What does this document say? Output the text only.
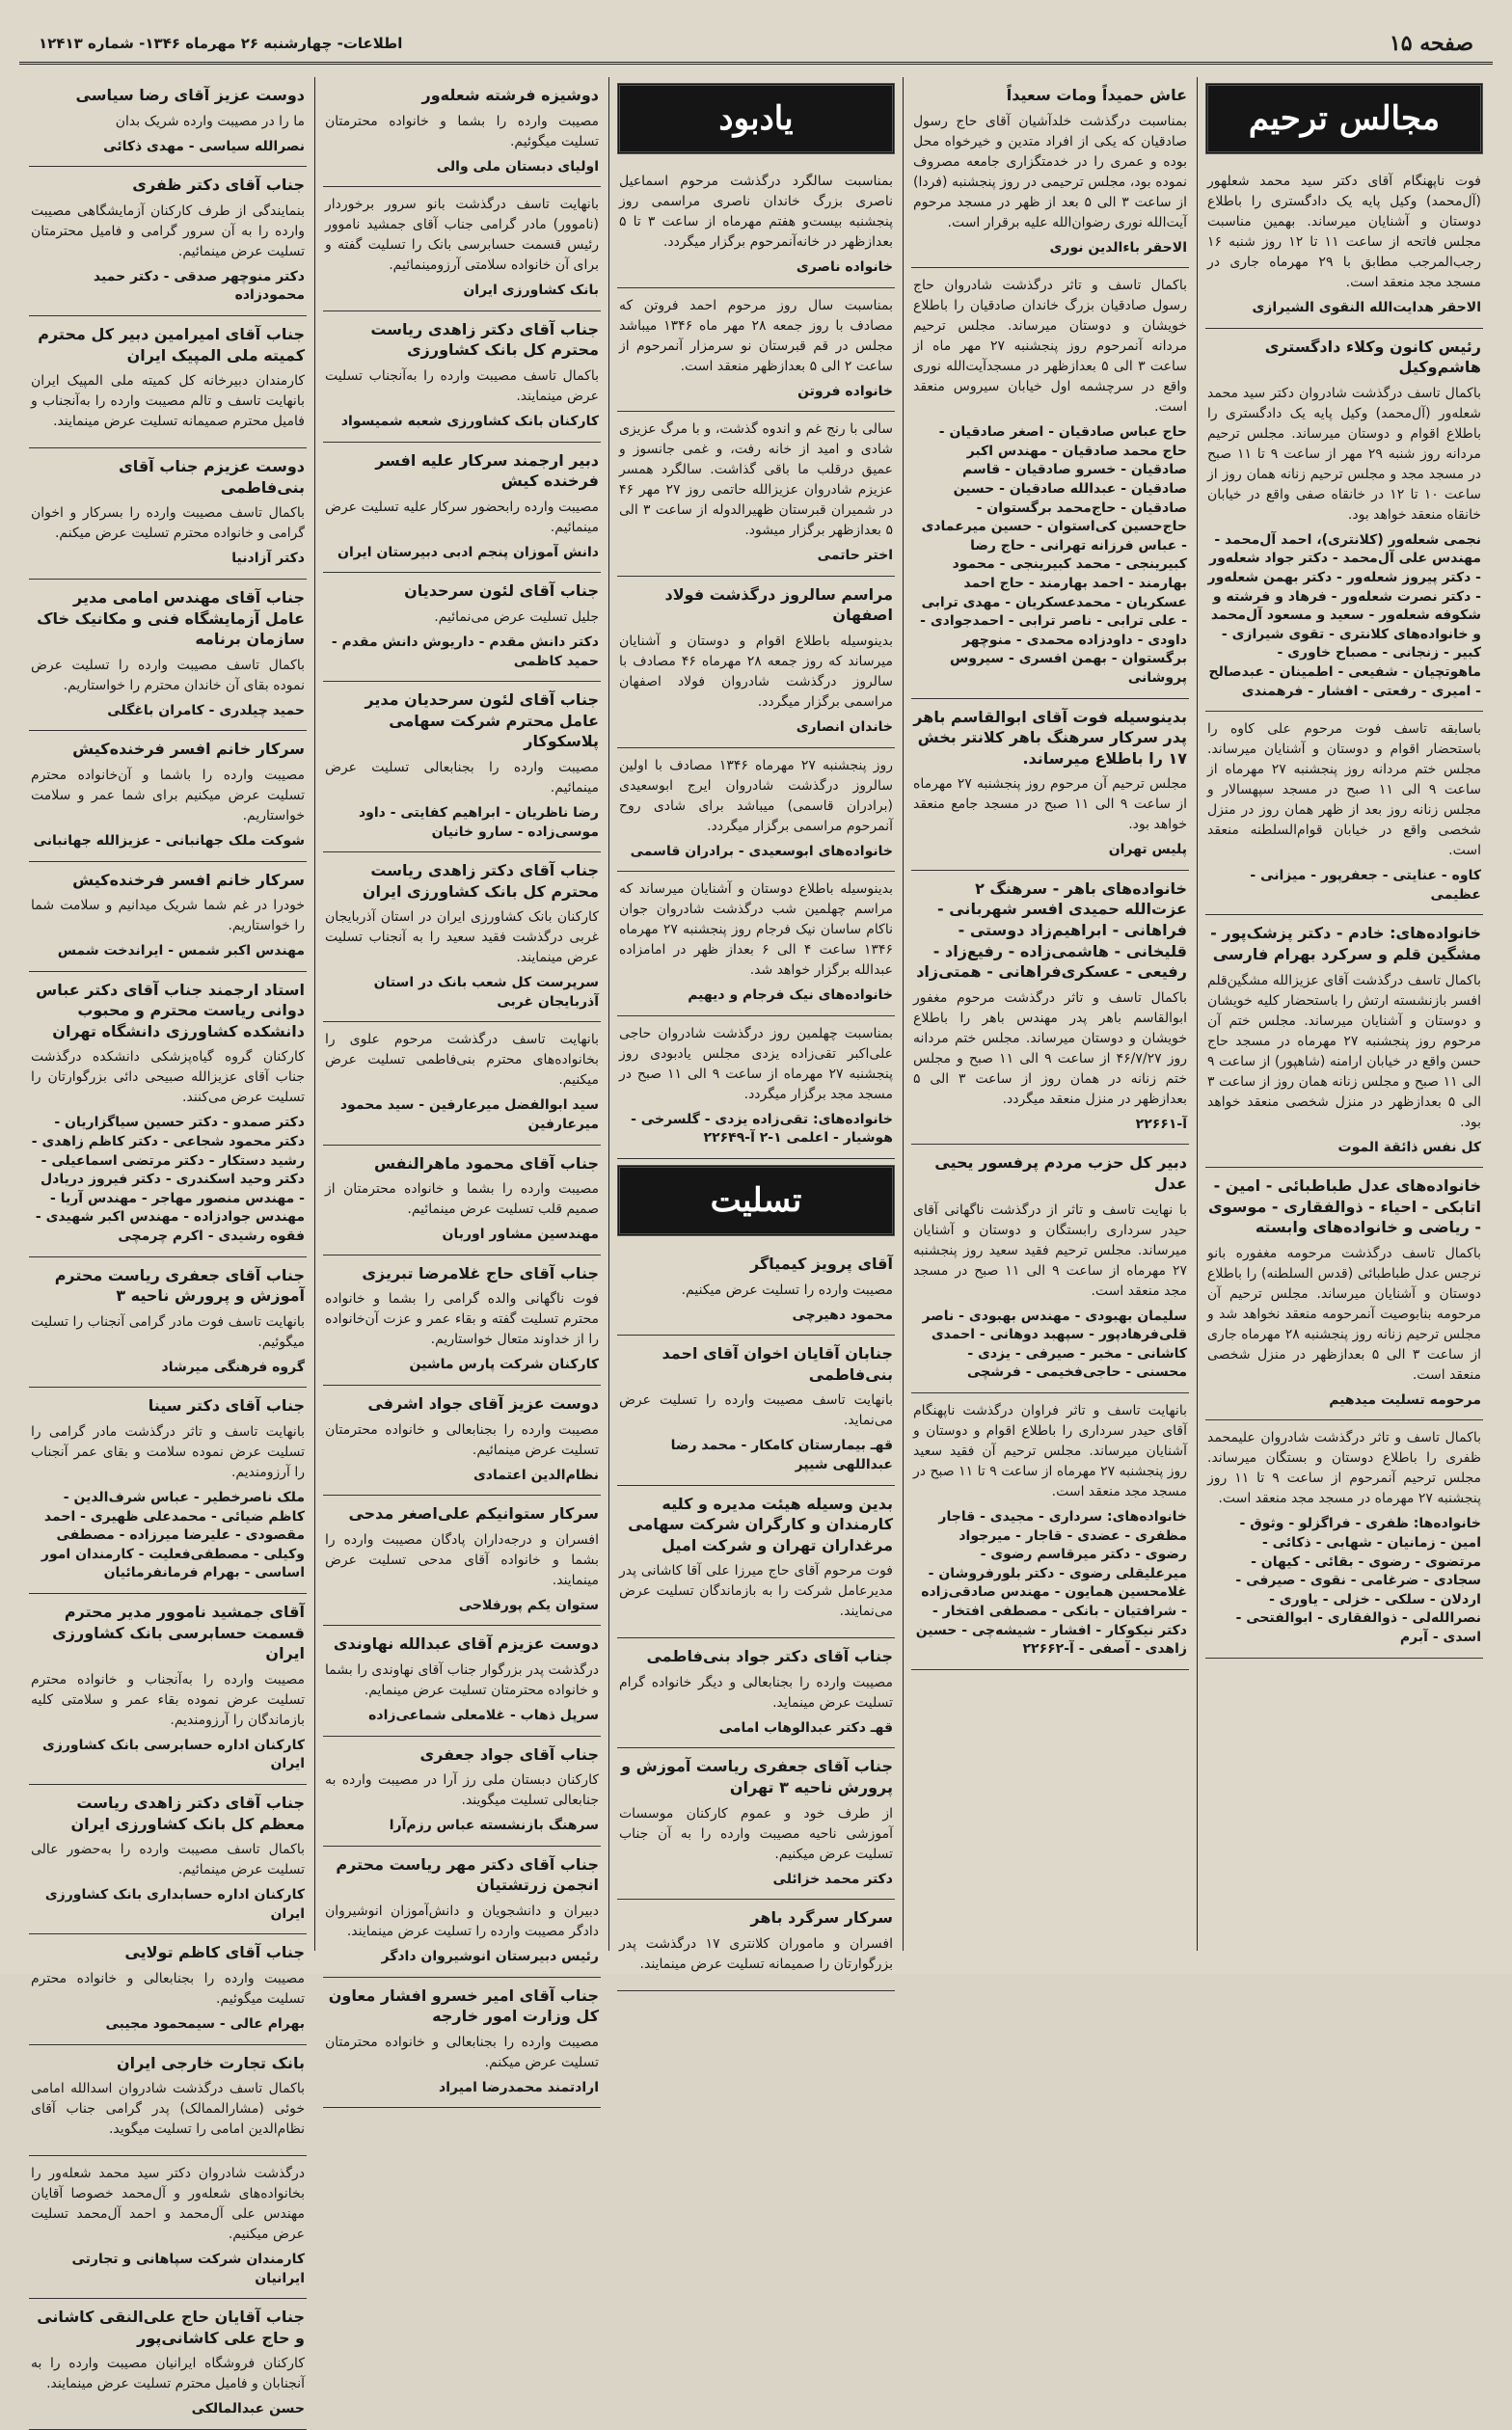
صفحه ۱۵
اطلاعات- چهارشنبه ۲۶ مهرماه ۱۳۴۶- شماره ۱۲۴۱۳
مجالس ترحیم

فوت ناپهنگام آقای دکتر سید محمد شعلهور (آل‌محمد) وکیل پایه یک دادگستری را باطلاع دوستان و آشنایان میرساند. بهمین مناسبت مجلس فاتحه از ساعت ۱۱ تا ۱۲ روز شنبه ۱۶ رجب‌المرجب مطابق با ۲۹ مهرماه جاری در مسجد مجد منعقد است.

الاحقر هدایت‌الله النقوی الشیرازی
رئیس کانون وکلاء دادگستری هاشم‌وکیل

باکمال تاسف درگذشت شادروان دکتر سید محمد شعله‌ور (آل‌محمد) وکیل پایه یک دادگستری را باطلاع اقوام و دوستان میرساند. مجلس ترحیم مردانه روز شنبه ۲۹ مهر از ساعت ۹ تا ۱۱ صبح در مسجد مجد و مجلس ترحیم زنانه همان روز از ساعت ۱۰ تا ۱۲ در خانقاه صفی واقع در خیابان خانقاه منعقد خواهد بود.

نجمی شعله‌ور (کلانتری)، احمد آل‌محمد - مهندس علی آل‌محمد - دکتر جواد شعله‌ور - دکتر پیروز شعله‌ور - دکتر بهمن شعله‌ور - دکتر نصرت شعله‌ور - فرهاد و فرشته و شکوفه شعله‌ور - سعید و مسعود آل‌محمد و خانواده‌های کلانتری - تقوی شیرازی - کبیر - زنجانی - مصباح خاوری - ماهوتچیان - شفیعی - اطمینان - عبدصالح - امیری - رفعتی - افشار - فرهمندی

باسابقه تاسف فوت مرحوم علی کاوه را باستحضار اقوام و دوستان و آشنایان میرساند. مجلس ختم مردانه روز پنجشنبه ۲۷ مهرماه از ساعت ۹ الی ۱۱ صبح در مسجد سپهسالار و مجلس زنانه روز بعد از ظهر همان روز در منزل شخصی واقع در خیابان قوام‌السلطنه منعقد است.

کاوه - عنایتی - جعفرپور - میزانی - عظیمی
خانواده‌های: خادم - دکتر پزشک‌پور - مشگین قلم و سرکرد بهرام فارسی

باکمال تاسف درگذشت آقای عزیزالله مشگین‌قلم افسر بازنشسته ارتش را باستحضار کلیه خویشان و دوستان و آشنایان میرساند. مجلس ختم آن مرحوم روز پنجشنبه ۲۷ مهرماه در مسجد حاج حسن واقع در خیابان ارامنه (شاهپور) از ساعت ۹ الی ۱۱ صبح و مجلس زنانه همان روز از ساعت ۳ الی ۵ بعدازظهر در منزل شخصی منعقد خواهد بود.

کل نفس ذائقة الموت
خانواده‌های عدل طباطبائی - امین - اتابکی - احیاء - ذوالفقاری - موسوی - ریاضی و خانواده‌های وابسته

باکمال تاسف درگذشت مرحومه مغفوره بانو نرجس عدل طباطبائی (قدس السلطنه) را باطلاع دوستان و آشنایان میرساند. مجلس ترحیم آن مرحومه بنابوصیت آنمرحومه منعقد نخواهد شد و مجلس ترحیم زنانه روز پنجشنبه ۲۸ مهرماه جاری از ساعت ۳ الی ۵ بعدازظهر در منزل شخصی منعقد است.

مرحومه تسلیت میدهیم

باکمال تاسف و تاثر درگذشت شادروان علیمحمد ظفری را باطلاع دوستان و بستگان میرساند. مجلس ترحیم آنمرحوم از ساعت ۹ تا ۱۱ روز پنجشنبه ۲۷ مهرماه در مسجد مجد منعقد است.

خانواده‌ها: ظفری - فراگزلو - وثوق - امین - زمانیان - شهابی - ذکائی - مرتضوی - رضوی - بقائی - کیهان - سجادی - ضرغامی - نقوی - صیرفی - اردلان - سلکی - خزلی - یاوری - نصرالله‌لی - ذوالفقاری - ابوالفتحی - اسدی - آبرم
عاش حمیداً ومات سعیداً

بمناسبت درگذشت خلدآشیان آقای حاج رسول صادقیان که یکی از افراد متدین و خیرخواه محل بوده و عمری را در خدمتگزاری جامعه مصروف نموده بود، مجلس ترحیمی در روز پنجشنبه (فردا) از ساعت ۳ الی ۵ بعد از ظهر در مسجد مرحوم آیت‌الله نوری رضوان‌الله علیه برقرار است.

الاحقر باءالدین نوری

باکمال تاسف و تاثر درگذشت شادروان حاج رسول صادقیان بزرگ خاندان صادقیان را باطلاع خویشان و دوستان میرساند. مجلس ترحیم مردانه آنمرحوم روز پنجشنبه ۲۷ مهر ماه از ساعت ۳ الی ۵ بعدازظهر در مسجدآیت‌الله نوری واقع در سرچشمه اول خیابان سیروس منعقد است.

حاج عباس صادقیان - اصغر صادقیان - حاج محمد صادقیان - مهندس اکبر صادقیان - خسرو صادقیان - قاسم صادقیان - عبدالله صادقیان - حسین صادقیان - حاج‌محمد برگستوان - حاج‌حسین کی‌استوان - حسین میرعمادی - عباس فرزانه تهرانی - حاج رضا کبیرینجی - محمد کبیرینجی - محمود بهارمند - احمد بهارمند - حاج احمد عسکریان - محمدعسکریان - مهدی ترابی - علی ترابی - ناصر ترابی - احمدجوادی - داودی - داودزاده محمدی - منوچهر برگستوان - بهمن افسری - سیروس پروشانی
بدینوسیله فوت آقای ابوالقاسم باهر پدر سرکار سرهنگ باهر کلانتر بخش ۱۷ را باطلاع میرساند.

مجلس ترحیم آن مرحوم روز پنجشنبه ۲۷ مهرماه از ساعت ۹ الی ۱۱ صبح در مسجد جامع منعقد خواهد بود.

پلیس تهران
خانواده‌های باهر - سرهنگ ۲ عزت‌الله حمیدی افسر شهربانی - فراهانی - ابراهیم‌زاد دوستی - قلیخانی - هاشمی‌زاده - رفیع‌زاد - رفیعی - عسکری‌فراهانی - همتی‌زاد

باکمال تاسف و تاثر درگذشت مرحوم مغفور ابوالقاسم باهر پدر مهندس باهر را باطلاع خویشان و دوستان میرساند. مجلس ختم مردانه روز ۴۶/۷/۲۷ از ساعت ۹ الی ۱۱ صبح و مجلس ختم زنانه در همان روز از ساعت ۳ الی ۵ بعدازظهر در منزل منعقد میگردد.

آ-۲۲۶۶۱
دبیر کل حزب مردم پرفسور یحیی عدل

با نهایت تاسف و تاثر از درگذشت ناگهانی آقای حیدر سرداری رابستگان و دوستان و آشنایان میرساند. مجلس ترحیم فقید سعید روز پنجشنبه ۲۷ مهرماه از ساعت ۹ الی ۱۱ صبح در مسجد مجد منعقد است.

سلیمان بهبودی - مهندس بهبودی - ناصر قلی‌فرهادپور - سپهبد دوهانی - احمدی کاشانی - مخبر - صیرفی - یزدی - محسنی - حاجی‌فخیمی - فرشچی

بانهایت تاسف و تاثر فراوان درگذشت ناپهنگام آقای حیدر سرداری را باطلاع اقوام و دوستان و آشنایان میرساند. مجلس ترحیم آن فقید سعید روز پنجشنبه ۲۷ مهرماه از ساعت ۹ تا ۱۱ صبح در مسجد مجد منعقد است.

خانواده‌های: سرداری - مجیدی - قاجار مظفری - عضدی - قاجار - میرجواد رضوی - دکتر میرقاسم رضوی - میرعلیقلی رضوی - دکتر بلورفروشان - غلامحسین همایون - مهندس صادقی‌زاده - شرافتیان - بانکی - مصطفی افتخار - دکتر نیکوکار - افشار - شیشه‌چی - حسین زاهدی - آصفی - آ-۲۲۶۶۲
یادبود

بمناسبت سالگرد درگذشت مرحوم اسماعیل ناصری بزرگ خاندان ناصری مراسمی روز پنجشنبه بیست‌و هفتم مهرماه از ساعت ۳ تا ۵ بعدازظهر در خانه‌آنمرحوم برگزار میگردد.

خانواده ناصری

بمناسبت سال روز مرحوم احمد فروتن که مصادف با روز جمعه ۲۸ مهر ماه ۱۳۴۶ میباشد مجلس در قم قبرستان نو سرمزار آنمرحوم از ساعت ۲ الی ۵ بعدازظهر منعقد است.

خانواده فروتن

سالی با رنج غم و اندوه گذشت، و با مرگ عزیزی شادی و امید از خانه رفت، و غمی جانسوز و عمیق درقلب ما باقی گذاشت. سالگرد همسر عزیزم شادروان عزیزالله حاتمی روز ۲۷ مهر ۴۶ در شمیران قبرستان ظهیرالدوله از ساعت ۳ الی ۵ بعدازظهر برگزار میشود.

اختر حاتمی
مراسم سالروز درگذشت فولاد اصفهان

بدینوسیله باطلاع اقوام و دوستان و آشنایان میرساند که روز جمعه ۲۸ مهرماه ۴۶ مصادف با سالروز درگذشت شادروان فولاد اصفهان مراسمی برگزار میگردد.

خاندان انصاری

روز پنجشنبه ۲۷ مهرماه ۱۳۴۶ مصادف با اولین سالروز درگذشت شادروان ایرج ابوسعیدی (برادران قاسمی) میباشد برای شادی روح آنمرحوم مراسمی برگزار میگردد.

خانواده‌های ابوسعیدی - برادران قاسمی

بدینوسیله باطلاع دوستان و آشنایان میرساند که مراسم چهلمین شب درگذشت شادروان جوان ناکام ساسان نیک فرجام روز پنجشنبه ۲۷ مهرماه ۱۳۴۶ ساعت ۴ الی ۶ بعداز ظهر در امامزاده عبدالله برگزار خواهد شد.

خانواده‌های نیک فرجام و دیهیم

بمناسبت چهلمین روز درگذشت شادروان حاجی علی‌اکبر تقی‌زاده یزدی مجلس یادبودی روز پنجشنبه ۲۷ مهرماه از ساعت ۹ الی ۱۱ صبح در مسجد مجد برگزار میگردد.

خانواده‌های: تقی‌زاده یزدی - گلسرخی - هوشیار - اعلمی ۱-۲ آ-۲۲۶۴۹
تسلیت
آقای پرویز کیمیاگر

مصیبت وارده را تسلیت عرض میکنیم.

محمود دهیرچی
جنابان آقایان اخوان آقای احمد بنی‌فاطمی

بانهایت تاسف مصیبت وارده را تسلیت عرض می‌نماید.

قهـ بیمارستان کامکار - محمد رضا عبداللهی شیپر
بدین وسیله هیئت مدیره و کلیه کارمندان و کارگران شرکت سهامی مرغداران تهران و شرکت امیل

فوت مرحوم آقای حاج میرزا علی آقا کاشانی پدر مدیرعامل شرکت را به بازماندگان تسلیت عرض می‌نمایند.

جناب آقای دکتر جواد بنی‌فاطمی

مصیبت وارده را بجنابعالی و دیگر خانواده گرام تسلیت عرض مینماید.

قهـ دکتر عبدالوهاب امامی
جناب آقای جعفری ریاست آموزش و پرورش ناحیه ۳ تهران

از طرف خود و عموم کارکنان موسسات آموزشی ناحیه مصیبت وارده را به آن جناب تسلیت عرض میکنیم.

دکتر محمد خزائلی
سرکار سرگرد باهر

افسران و ماموران کلانتری ۱۷ درگذشت پدر بزرگوارتان را صمیمانه تسلیت عرض مینمایند.

دوشیزه فرشته شعله‌ور

مصیبت وارده را بشما و خانواده محترمتان تسلیت میگوئیم.

اولیای دبستان ملی والی

بانهایت تاسف درگذشت بانو سرور برخوردار (ناموور) مادر گرامی جناب آقای جمشید ناموور رئیس قسمت حسابرسی بانک را تسلیت گفته و برای آن خانواده سلامتی آرزومینمائیم.

بانک کشاورزی ایران
جناب آقای دکتر زاهدی ریاست محترم کل بانک کشاورزی

باکمال تاسف مصیبت وارده را به‌آنجناب تسلیت عرض مینمایند.

کارکنان بانک کشاورزی شعبه شمیسواد
دبیر ارجمند سرکار علیه افسر فرخنده کیش

مصیبت وارده رابحضور سرکار علیه تسلیت عرض مینمائیم.

دانش آموزان پنجم ادبی دبیرستان ایران
جناب آقای لئون سرحدیان

جلیل تسلیت عرض می‌نمائیم.

دکتر دانش مقدم - داریوش دانش مقدم - حمید کاظمی
جناب آقای لئون سرحدیان مدیر عامل محترم شرکت سهامی پلاسکوکار

مصیبت وارده را بجنابعالی تسلیت عرض مینمائیم.

رضا ناظریان - ابراهیم کفایتی - داود موسی‌زاده - سارو خانیان
جناب آقای دکتر زاهدی ریاست محترم کل بانک کشاورزی ایران

کارکنان بانک کشاورزی ایران در استان آذربایجان غربی درگذشت فقید سعید را به آنجناب تسلیت عرض مینمایند.

سرپرست کل شعب بانک در استان آذربایجان غربی

بانهایت تاسف درگذشت مرحوم علوی را بخانواده‌های محترم بنی‌فاطمی تسلیت عرض میکنیم.

سید ابوالفضل میرعارفین - سید محمود میرعارفین
جناب آقای محمود ماهرالنفس

مصیبت وارده را بشما و خانواده محترمتان از صمیم قلب تسلیت عرض مینمائیم.

مهندسین مشاور اوربان
جناب آقای حاج غلامرضا تبریزی

فوت ناگهانی والده گرامی را بشما و خانواده محترم تسلیت گفته و بقاء عمر و عزت آن‌خانواده را از خداوند متعال خواستاریم.

کارکنان شرکت پارس ماشین
دوست عزیز آقای جواد اشرفی

مصیبت وارده را بجنابعالی و خانواده محترمتان تسلیت عرض مینمائیم.

نظام‌الدین اعتمادی
سرکار ستوانیکم علی‌اصغر مدحی

افسران و درجه‌داران پادگان مصیبت وارده را بشما و خانواده آقای مدحی تسلیت عرض مینمایند.

ستوان یکم پورفلاحی
دوست عزیزم آقای عبدالله نهاوندی

درگذشت پدر بزرگوار جناب آقای نهاوندی را بشما و خانواده محترمتان تسلیت عرض مینمایم.

سرپل ذهاب - غلامعلی شماعی‌زاده
جناب آقای جواد جعفری

کارکنان دبستان ملی رز آرا در مصیبت وارده به جنابعالی تسلیت میگویند.

سرهنگ بازنشسته عباس رزم‌آرا
جناب آقای دکتر مهر ریاست محترم انجمن زرتشتیان

دبیران و دانشجویان و دانش‌آموزان انوشیروان دادگر مصیبت وارده را تسلیت عرض مینمایند.

رئیس دبیرستان انوشیروان دادگر
جناب آقای امیر خسرو افشار معاون کل وزارت امور خارجه

مصیبت وارده را بجنابعالی و خانواده محترمتان تسلیت عرض میکنم.

ارادتمند محمدرضا امیراد
دوست عزیز آقای رضا سیاسی

ما را در مصیبت وارده شریک بدان

نصرالله سیاسی - مهدی ذکائی
جناب آقای دکتر ظفری

بنمایندگی از طرف کارکنان آزمایشگاهی مصیبت وارده را به آن سرور گرامی و فامیل محترمتان تسلیت عرض مینمائیم.

دکتر منوچهر صدقی - دکتر حمید محمودزاده
جناب آقای امیرامین دبیر کل محترم کمیته ملی المپیک ایران

کارمندان دبیرخانه کل کمیته ملی المپیک ایران بانهایت تاسف و تالم مصیبت وارده را به‌آنجناب و فامیل محترم صمیمانه تسلیت عرض مینمایند.

دوست عزیزم جناب آقای بنی‌فاطمی

باکمال تاسف مصیبت وارده را بسرکار و اخوان گرامی و خانواده محترم تسلیت عرض میکنم.

دکتر آزادنیا
جناب آقای مهندس امامی مدیر عامل آزمایشگاه فنی و مکانیک خاک سازمان برنامه

باکمال تاسف مصیبت وارده را تسلیت عرض نموده بقای آن خاندان محترم را خواستاریم.

حمید چیلدری - کامران باغگلی
سرکار خانم افسر فرخنده‌کیش

مصیبت وارده را باشما و آن‌خانواده محترم تسلیت عرض میکنیم برای شما عمر و سلامت خواستاریم.

شوکت ملک جهانبانی - عزیزالله جهانبانی
سرکار خانم افسر فرخنده‌کیش

خودرا در غم شما شریک میدانیم و سلامت شما را خواستاریم.

مهندس اکبر شمس - ایراندخت شمس
استاد ارجمند جناب آقای دکتر عباس دوانی ریاست محترم و محبوب دانشکده کشاورزی دانشگاه تهران

کارکنان گروه گیاه‌پزشکی دانشکده درگذشت جناب آقای عزیزالله صبیحی دائی بزرگوارتان را تسلیت عرض می‌کنند.

دکتر صمدو - دکتر حسین سیاگزاریان - دکتر محمود شجاعی - دکتر کاظم زاهدی - رشید دستکار - دکتر مرتضی اسماعیلی - دکتر وحید اسکندری - دکتر فیروز دریادل - مهندس منصور مهاجر - مهندس آریا - مهندس جوادزاده - مهندس اکبر شهیدی - فقوه رشیدی - اکرم چرمچی
جناب آقای جعفری ریاست محترم آموزش و پرورش ناحیه ۳

بانهایت تاسف فوت مادر گرامی آنجناب را تسلیت میگوئیم.

گروه فرهنگی میرشاد
جناب آقای دکتر سینا

بانهایت تاسف و تاثر درگذشت مادر گرامی را تسلیت عرض نموده سلامت و بقای عمر آنجناب را آرزومندیم.

ملک ناصرخطیر - عباس شرف‌الدین - کاظم ضیائی - محمدعلی ظهیری - احمد مقصودی - علیرضا میرزاده - مصطفی وکیلی - مصطفی‌فعلیت - کارمندان امور اساسی - بهرام فرمانفرمائیان
آقای جمشید ناموور مدیر محترم قسمت حسابرسی بانک کشاورزی ایران

مصیبت وارده را به‌آنجناب و خانواده محترم تسلیت عرض نموده بقاء عمر و سلامتی کلیه بازماندگان را آرزومندیم.

کارکنان اداره حسابرسی بانک کشاورزی ایران
جناب آقای دکتر زاهدی ریاست معظم کل بانک کشاورزی ایران

باکمال تاسف مصیبت وارده را به‌حضور عالی تسلیت عرض مینمائیم.

کارکنان اداره حسابداری بانک کشاورزی ایران
جناب آقای کاظم تولایی

مصیبت وارده را بجنابعالی و خانواده محترم تسلیت میگوئیم.

بهرام عالی - سیمحمود مجیبی
بانک تجارت خارجی ایران

باکمال تاسف درگذشت شادروان اسدالله امامی خوئی (مشارالممالک) پدر گرامی جناب آقای نظام‌الدین امامی را تسلیت میگوید.

درگذشت شادروان دکتر سید محمد شعله‌ور را بخانواده‌های شعله‌ور و آل‌محمد خصوصا آقایان مهندس علی آل‌محمد و احمد آل‌محمد تسلیت عرض میکنیم.

کارمندان شرکت سپاهانی و تجارتی ایرانیان
جناب آقایان حاج علی‌النقی کاشانی و حاج علی کاشانی‌پور

کارکنان فروشگاه ایرانیان مصیبت وارده را به آنجنابان و فامیل محترم تسلیت عرض مینمایند.

حسن عبدالمالکی
